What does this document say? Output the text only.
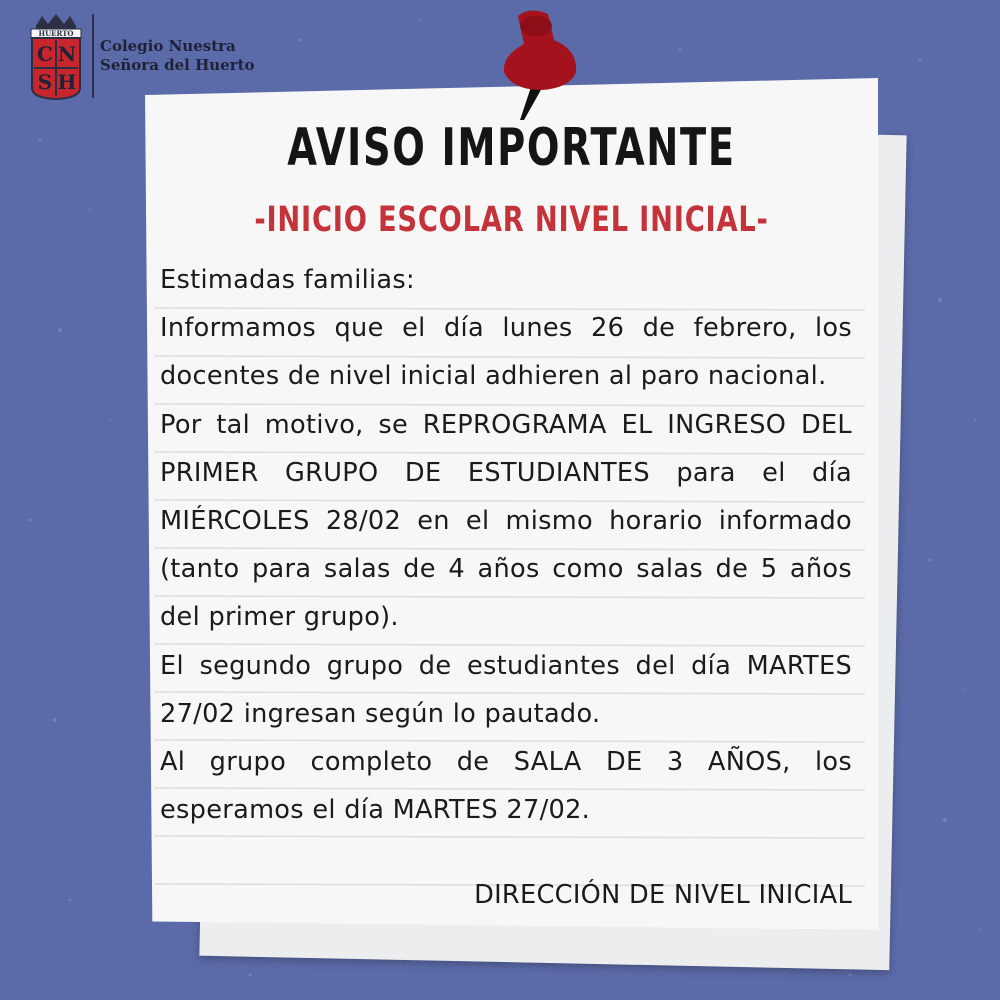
HUERTO
C N
S H
Colegio Nuestra
Señora del Huerto
AVISO IMPORTANTE
-INICIO ESCOLAR NIVEL INICIAL-

Estimadas familias:

Informamos que el día lunes 26 de febrero, los docentes de nivel inicial adhieren al paro nacional.

Por tal motivo, se REPROGRAMA EL INGRESO DEL PRIMER GRUPO DE ESTUDIANTES para el día MIÉRCOLES 28/02 en el mismo horario informado (tanto para salas de 4 años como salas de 5 años del primer grupo).

El segundo grupo de estudiantes del día MARTES 27/02 ingresan según lo pautado.

Al grupo completo de SALA DE 3 AÑOS, los esperamos el día MARTES 27/02.

DIRECCIÓN DE NIVEL INICIAL
